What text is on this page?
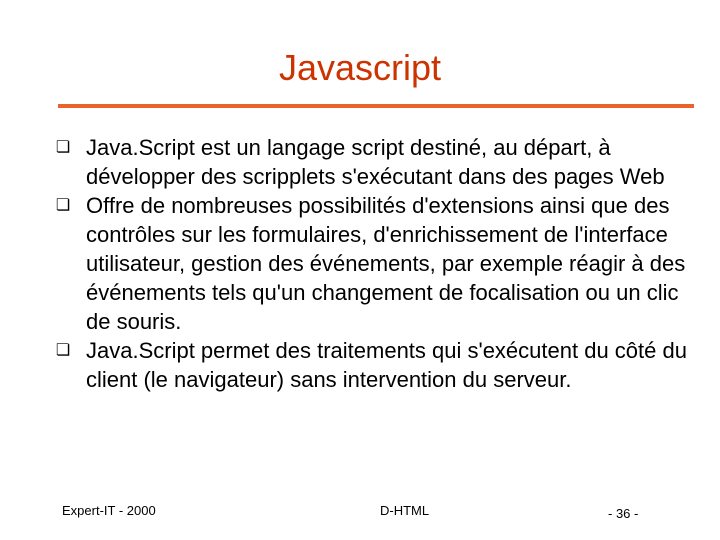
Javascript
❏ Java.Script est un langage script destiné, au départ, à développer des scripplets s'exécutant dans des pages Web
❏ Offre de nombreuses possibilités d'extensions ainsi que des contrôles sur les formulaires, d'enrichissement de l'interface utilisateur, gestion des événements, par exemple réagir à des événements tels qu'un changement de focalisation ou un clic de souris.
❏ Java.Script permet des traitements qui s'exécutent du côté du client (le navigateur) sans intervention du serveur.
Expert-IT - 2000	D-HTML	- 36 -
